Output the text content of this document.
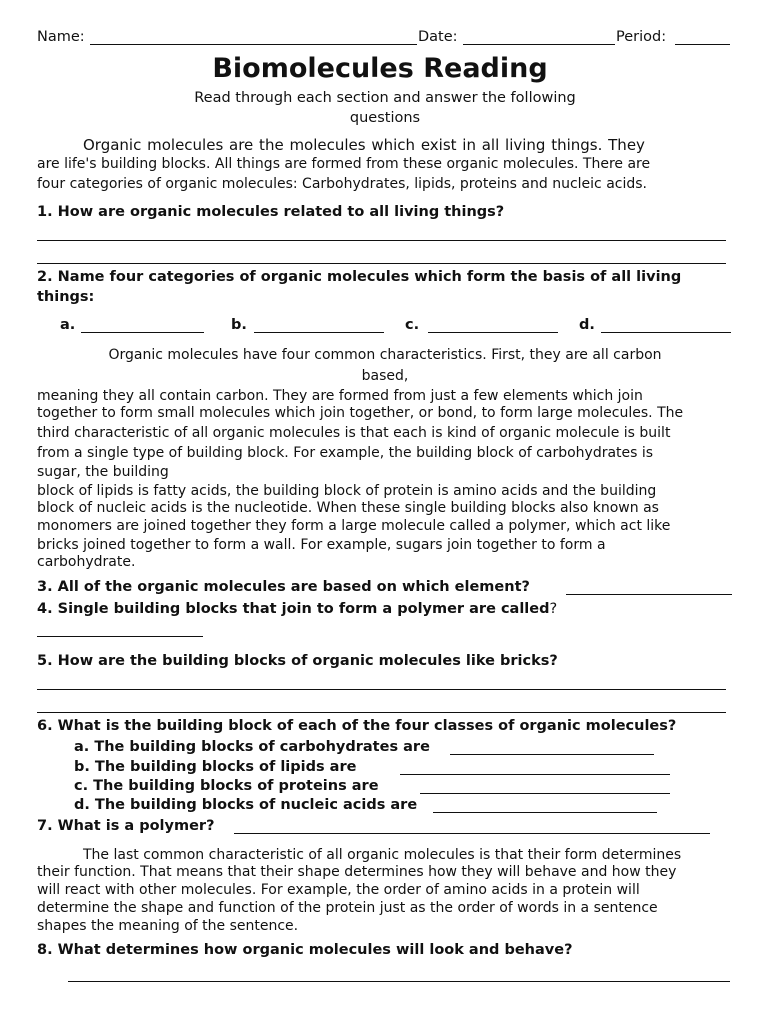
Name:	Date:	Period:
Biomolecules Reading
Read through each section and answer the following
questions
Organic molecules are the molecules which exist in all living things. They
are life's building blocks. All things are formed from these organic molecules. There are
four categories of organic molecules: Carbohydrates, lipids, proteins and nucleic acids.
1. How are organic molecules related to all living things?
2. Name four categories of organic molecules which form the basis of all living
things:
a.	b.	c.	d.
Organic molecules have four common characteristics. First, they are all carbon
based,
meaning they all contain carbon. They are formed from just a few elements which join
together to form small molecules which join together, or bond, to form large molecules. The
third characteristic of all organic molecules is that each is kind of organic molecule is built
from a single type of building block. For example, the building block of carbohydrates is
sugar, the building
block of lipids is fatty acids, the building block of protein is amino acids and the building
block of nucleic acids is the nucleotide. When these single building blocks also known as
monomers are joined together they form a large molecule called a polymer, which act like
bricks joined together to form a wall. For example, sugars join together to form a
carbohydrate.
3. All of the organic molecules are based on which element?
4. Single building blocks that join to form a polymer are called?
5. How are the building blocks of organic molecules like bricks?
6. What is the building block of each of the four classes of organic molecules?
a. The building blocks of carbohydrates are
b. The building blocks of lipids are
c. The building blocks of proteins are
d. The building blocks of nucleic acids are
7. What is a polymer?
The last common characteristic of all organic molecules is that their form determines
their function. That means that their shape determines how they will behave and how they
will react with other molecules. For example, the order of amino acids in a protein will
determine the shape and function of the protein just as the order of words in a sentence
shapes the meaning of the sentence.
8. What determines how organic molecules will look and behave?
